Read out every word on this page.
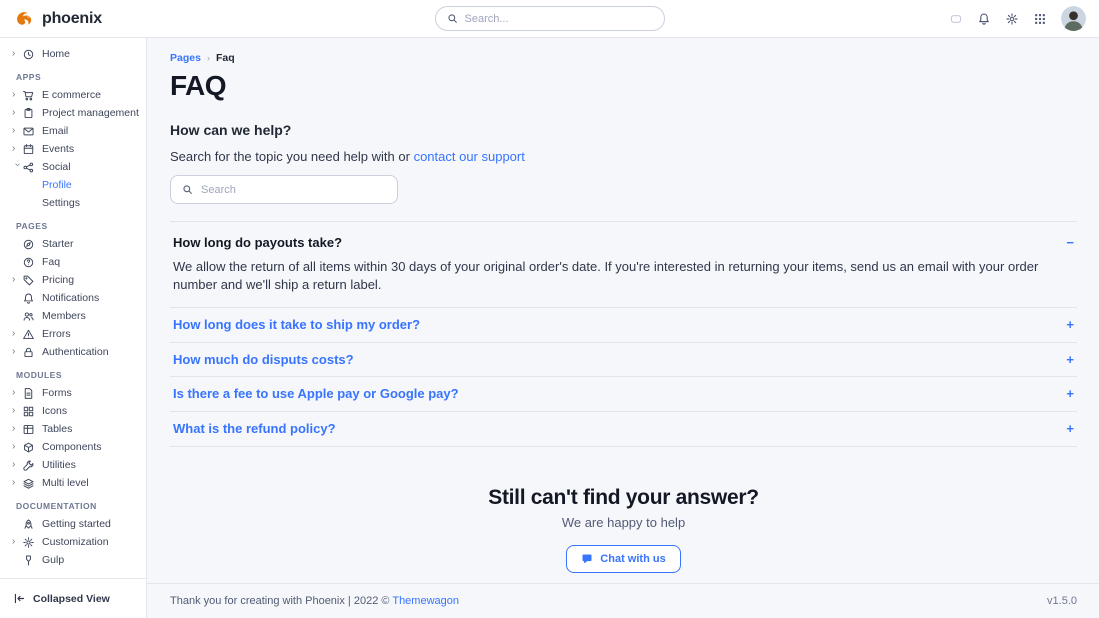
phoenix
Search...
›	Home
APPS
›	E commerce
›	Project management
›	Email
›	Events
› Social
Profile
Settings
PAGES
Starter
Faq
›	Pricing
Notifications
Members
›	Errors
›	Authentication
MODULES
›	Forms
›	Icons
›	Tables
›	Components
›	Utilities
›	Multi level
DOCUMENTATION
Getting started
›	Customization
Gulp
Collapsed View
Pages › Faq
FAQ
How can we help?
Search for the topic you need help with or contact our support
Search
How long do payouts take?	−
We allow the return of all items within 30 days of your original order's date. If you're interested in returning your items, send us an email with your order number and we'll ship a return label.
How long does it take to ship my order?	+
How much do disputs costs?	+
Is there a fee to use Apple pay or Google pay?	+
What is the refund policy?	+
Still can't find your answer?
We are happy to help
Chat with us
Thank you for creating with Phoenix | 2022 © Themewagon	v1.5.0
